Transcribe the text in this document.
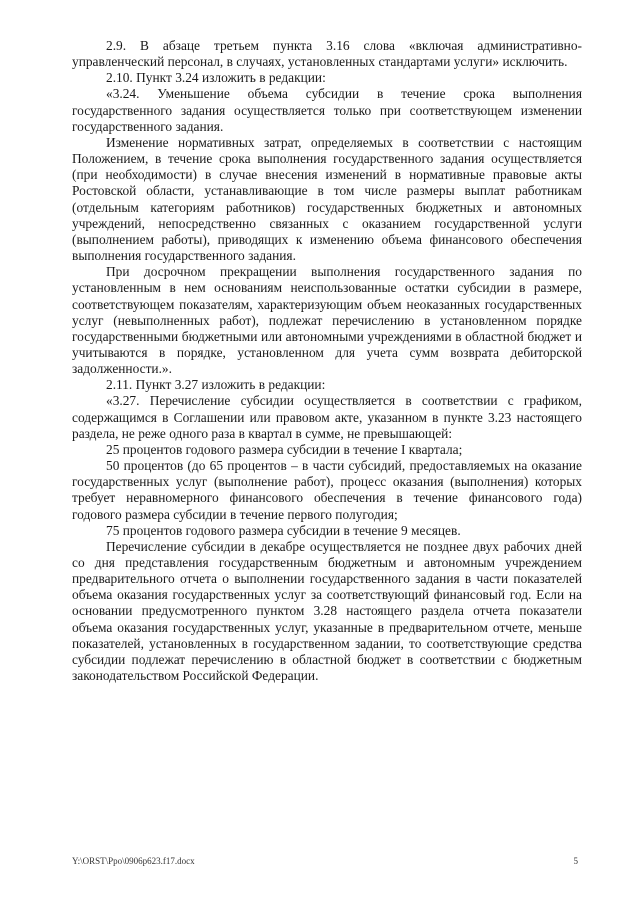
2.9. В абзаце третьем пункта 3.16 слова «включая административно-управленческий персонал, в случаях, установленных стандартами услуги» исключить.

2.10. Пункт 3.24 изложить в редакции:

«3.24. Уменьшение объема субсидии в течение срока выполнения государственного задания осуществляется только при соответствующем изменении государственного задания.

Изменение нормативных затрат, определяемых в соответствии с настоящим Положением, в течение срока выполнения государственного задания осуществляется (при необходимости) в случае внесения изменений в нормативные правовые акты Ростовской области, устанавливающие в том числе размеры выплат работникам (отдельным категориям работников) государственных бюджетных и автономных учреждений, непосредственно связанных с оказанием государственной услуги (выполнением работы), приводящих к изменению объема финансового обеспечения выполнения государственного задания.

При досрочном прекращении выполнения государственного задания по установленным в нем основаниям неиспользованные остатки субсидии в размере, соответствующем показателям, характеризующим объем неоказанных государственных услуг (невыполненных работ), подлежат перечислению в установленном порядке государственными бюджетными или автономными учреждениями в областной бюджет и учитываются в порядке, установленном для учета сумм возврата дебиторской задолженности.».

2.11. Пункт 3.27 изложить в редакции:

«3.27. Перечисление субсидии осуществляется в соответствии с графиком, содержащимся в Соглашении или правовом акте, указанном в пункте 3.23 настоящего раздела, не реже одного раза в квартал в сумме, не превышающей:

25 процентов годового размера субсидии в течение I квартала;

50 процентов (до 65 процентов – в части субсидий, предоставляемых на оказание государственных услуг (выполнение работ), процесс оказания (выполнения) которых требует неравномерного финансового обеспечения в течение финансового года) годового размера субсидии в течение первого полугодия;

75 процентов годового размера субсидии в течение 9 месяцев.

Перечисление субсидии в декабре осуществляется не позднее двух рабочих дней со дня представления государственным бюджетным и автономным учреждением предварительного отчета о выполнении государственного задания в части показателей объема оказания государственных услуг за соответствующий финансовый год. Если на основании предусмотренного пунктом 3.28 настоящего раздела отчета показатели объема оказания государственных услуг, указанные в предварительном отчете, меньше показателей, установленных в государственном задании, то соответствующие средства субсидии подлежат перечислению в областной бюджет в соответствии с бюджетным законодательством Российской Федерации.

Y:\ORST\Ppo\0906p623.f17.docx	5
